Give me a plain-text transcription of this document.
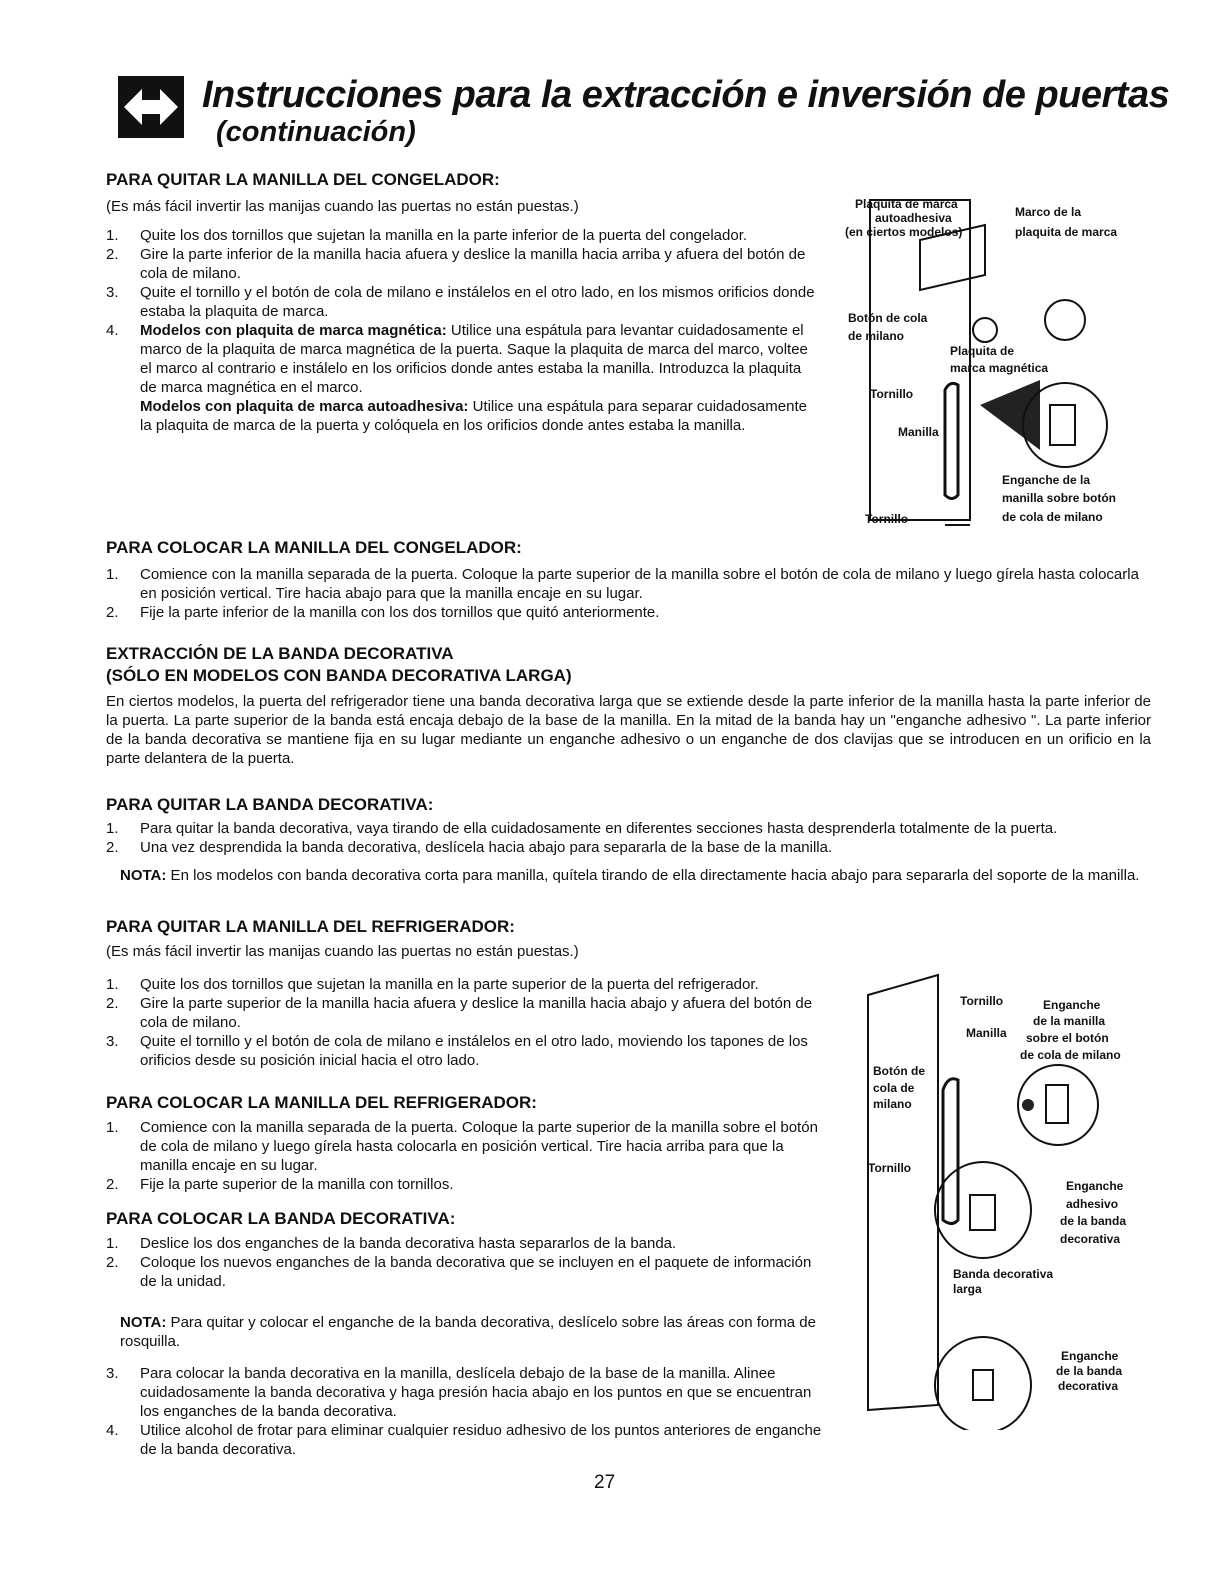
Instrucciones para la extracción e inversión de puertas
(continuación)
PARA QUITAR LA MANILLA DEL CONGELADOR:
(Es más fácil invertir las manijas cuando las puertas no están puestas.)
1. Quite los dos tornillos que sujetan la manilla en la parte inferior de la puerta del congelador.
2. Gire la parte inferior de la manilla hacia afuera y deslice la manilla hacia arriba y afuera del botón de cola de milano.
3. Quite el tornillo y el botón de cola de milano e instálelos en el otro lado, en los mismos orificios donde estaba la plaquita de marca.
4. Modelos con plaquita de marca magnética: Utilice una espátula para levantar cuidadosamente el marco de la plaquita de marca magnética de la puerta. Saque la plaquita de marca del marco, voltee el marco al contrario e instálelo en los orificios donde antes estaba la manilla. Introduzca la plaquita de marca magnética en el marco.
Modelos con plaquita de marca autoadhesiva: Utilice una espátula para separar cuidadosamente la plaquita de marca de la puerta y colóquela en los orificios donde antes estaba la manilla.
Plaquita de marca
autoadhesiva
(en ciertos modelos)
Marco de la
plaquita de marca
Botón de cola
de milano
Plaquita de
marca magnética
Tornillo
Manilla
Enganche de la
manilla sobre botón
de cola de milano
Tornillo
PARA COLOCAR LA MANILLA DEL CONGELADOR:
1. Comience con la manilla separada de la puerta. Coloque la parte superior de la manilla sobre el botón de cola de milano y luego gírela hasta colocarla en posición vertical. Tire hacia abajo para que la manilla encaje en su lugar.
2. Fije la parte inferior de la manilla con los dos tornillos que quitó anteriormente.
EXTRACCIÓN DE LA BANDA DECORATIVA
(SÓLO EN MODELOS CON BANDA DECORATIVA LARGA)
En ciertos modelos, la puerta del refrigerador tiene una banda decorativa larga que se extiende desde la parte inferior de la manilla hasta la parte inferior de la puerta. La parte superior de la banda está encaja debajo de la base de la manilla. En la mitad de la banda hay un "enganche adhesivo ". La parte inferior de la banda decorativa se mantiene fija en su lugar mediante un enganche adhesivo o un enganche de dos clavijas que se introducen en un orificio en la parte delantera de la puerta.
PARA QUITAR LA BANDA DECORATIVA:
1. Para quitar la banda decorativa, vaya tirando de ella cuidadosamente en diferentes secciones hasta desprenderla totalmente de la puerta.
2. Una vez desprendida la banda decorativa, deslícela hacia abajo para separarla de la base de la manilla.
NOTA: En los modelos con banda decorativa corta para manilla, quítela tirando de ella directamente hacia abajo para separarla del soporte de la manilla.
PARA QUITAR LA MANILLA DEL REFRIGERADOR:
(Es más fácil invertir las manijas cuando las puertas no están puestas.)
1. Quite los dos tornillos que sujetan la manilla en la parte superior de la puerta del refrigerador.
2. Gire la parte superior de la manilla hacia afuera y deslice la manilla hacia abajo y afuera del botón de cola de milano.
3. Quite el tornillo y el botón de cola de milano e instálelos en el otro lado, moviendo los tapones de los orificios desde su posición inicial hacia el otro lado.
PARA COLOCAR LA MANILLA DEL REFRIGERADOR:
1. Comience con la manilla separada de la puerta. Coloque la parte superior de la manilla sobre el botón de cola de milano y luego gírela hasta colocarla en posición vertical. Tire hacia arriba para que la manilla encaje en su lugar.
2. Fije la parte superior de la manilla con tornillos.
PARA COLOCAR LA BANDA DECORATIVA:
1. Deslice los dos enganches de la banda decorativa hasta separarlos de la banda.
2. Coloque los nuevos enganches de la banda decorativa que se incluyen en el paquete de información de la unidad.
NOTA: Para quitar y colocar el enganche de la banda decorativa, deslícelo sobre las áreas con forma de rosquilla.
3. Para colocar la banda decorativa en la manilla, deslícela debajo de la base de la manilla. Alinee cuidadosamente la banda decorativa y haga presión hacia abajo en los puntos en que se encuentran los enganches de la banda decorativa.
4. Utilice alcohol de frotar para eliminar cualquier residuo adhesivo de los puntos anteriores de enganche de la banda decorativa.
Tornillo	Enganche
de la manilla
sobre el botón
de cola de milano
Manilla
Botón de
cola de
milano
Tornillo
Enganche
adhesivo
de la banda
decorativa
Banda decorativa
larga
Enganche
de la banda
decorativa
27
